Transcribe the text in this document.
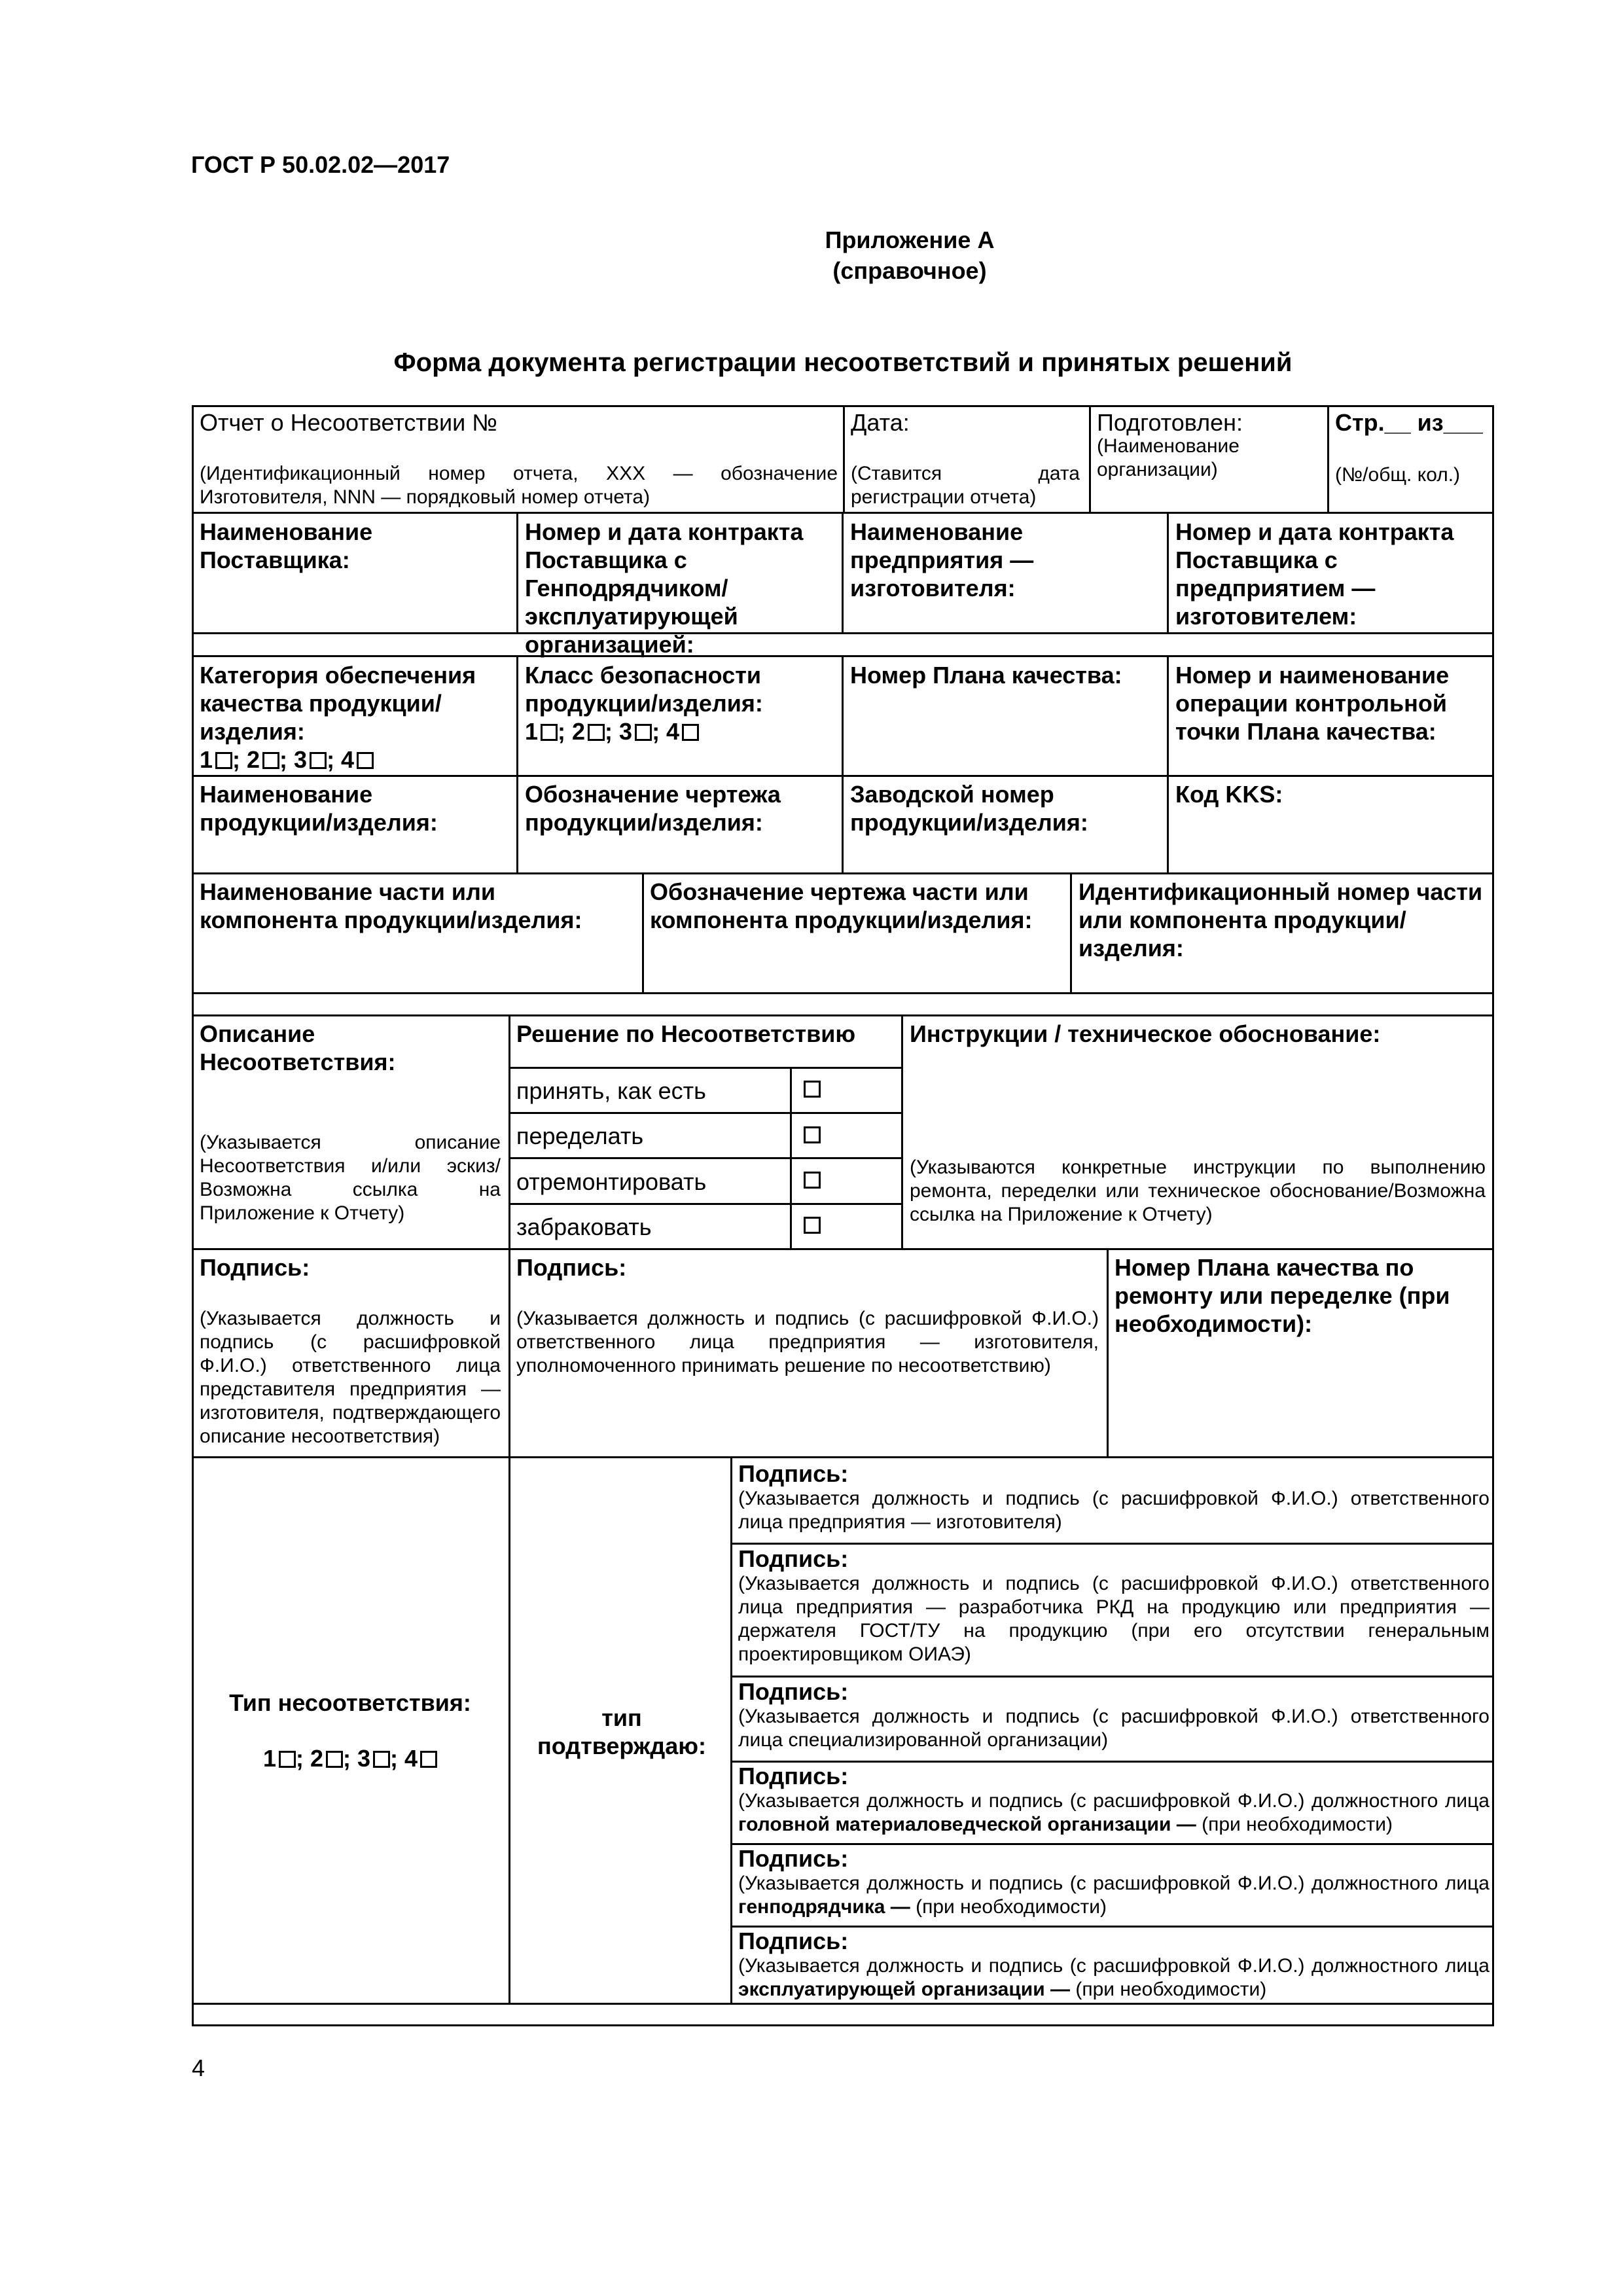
ГОСТ Р 50.02.02—2017
Приложение А
(справочное)
Форма документа регистрации несоответствий и принятых решений
Отчет о Несоответствии №
(Идентификационный номер отчета, ХХХ — обозначение Изготовителя, NNN — порядковый номер отчета)
Дата:
(Ставится дата регистрации отчета)
Подготовлен:
(Наименование организации)
Стр.__ из___
(№/общ. кол.)
Наименование Поставщика:
Номер и дата контракта Поставщика с Генподрядчиком/эксплуатирующей организацией:
Наименование предприятия — изготовителя:
Номер и дата контракта Поставщика с предприятием — изготовителем:
Категория обеспечения качества продукции/изделия:
1 ; 2 ; 3 ; 4
Класс безопасности продукции/изделия:
1 ; 2 ; 3 ; 4
Номер Плана качества:	Номер и наименование операции контрольной точки Плана качества:
Наименование продукции/изделия:
Обозначение чертежа продукции/изделия:
Заводской номер продукции/изделия:
Код KKS:
Наименование части или компонента продукции/изделия:
Обозначение чертежа части или компонента продукции/изделия:
Идентификационный номер части или компонента продукции/изделия:
Описание Несоответствия:
(Указывается описание Несоответствия и/или эскиз/Возможна ссылка на Приложение к Отчету)
Решение по Несоответствию
принять, как есть
переделать
отремонтировать
забраковать
Инструкции / техническое обоснование:
(Указываются конкретные инструкции по выполнению ремонта, переделки или техническое обоснование/Возможна ссылка на Приложение к Отчету)
Подпись:
(Указывается должность и подпись (с расшифровкой Ф.И.О.) ответственного лица представителя предприятия — изготовителя, подтверждающего описание несоответствия)
Подпись:
(Указывается должность и подпись (с расшифровкой Ф.И.О.) ответственного лица предприятия — изготовителя, уполномоченного принимать решение по несоответствию)
Номер Плана качества по ремонту или переделке (при необходимости):
Тип несоответствия:
1 ; 2 ; 3 ; 4
тип подтверждаю:
Подпись:
(Указывается должность и подпись (с расшифровкой Ф.И.О.) ответственного лица предприятия — изготовителя)
Подпись:
(Указывается должность и подпись (с расшифровкой Ф.И.О.) ответственного лица предприятия — разработчика РКД на продукцию или предприятия — держателя ГОСТ/ТУ на продукцию (при его отсутствии генеральным проектировщиком ОИАЭ)
Подпись:
(Указывается должность и подпись (с расшифровкой Ф.И.О.) ответственного лица специализированной организации)
Подпись:
(Указывается должность и подпись (с расшифровкой Ф.И.О.) должностного лица головной материаловедческой организации — (при необходимости)
Подпись:
(Указывается должность и подпись (с расшифровкой Ф.И.О.) должностного лица генподрядчика — (при необходимости)
Подпись:
(Указывается должность и подпись (с расшифровкой Ф.И.О.) должностного лица эксплуатирующей организации — (при необходимости)
4
